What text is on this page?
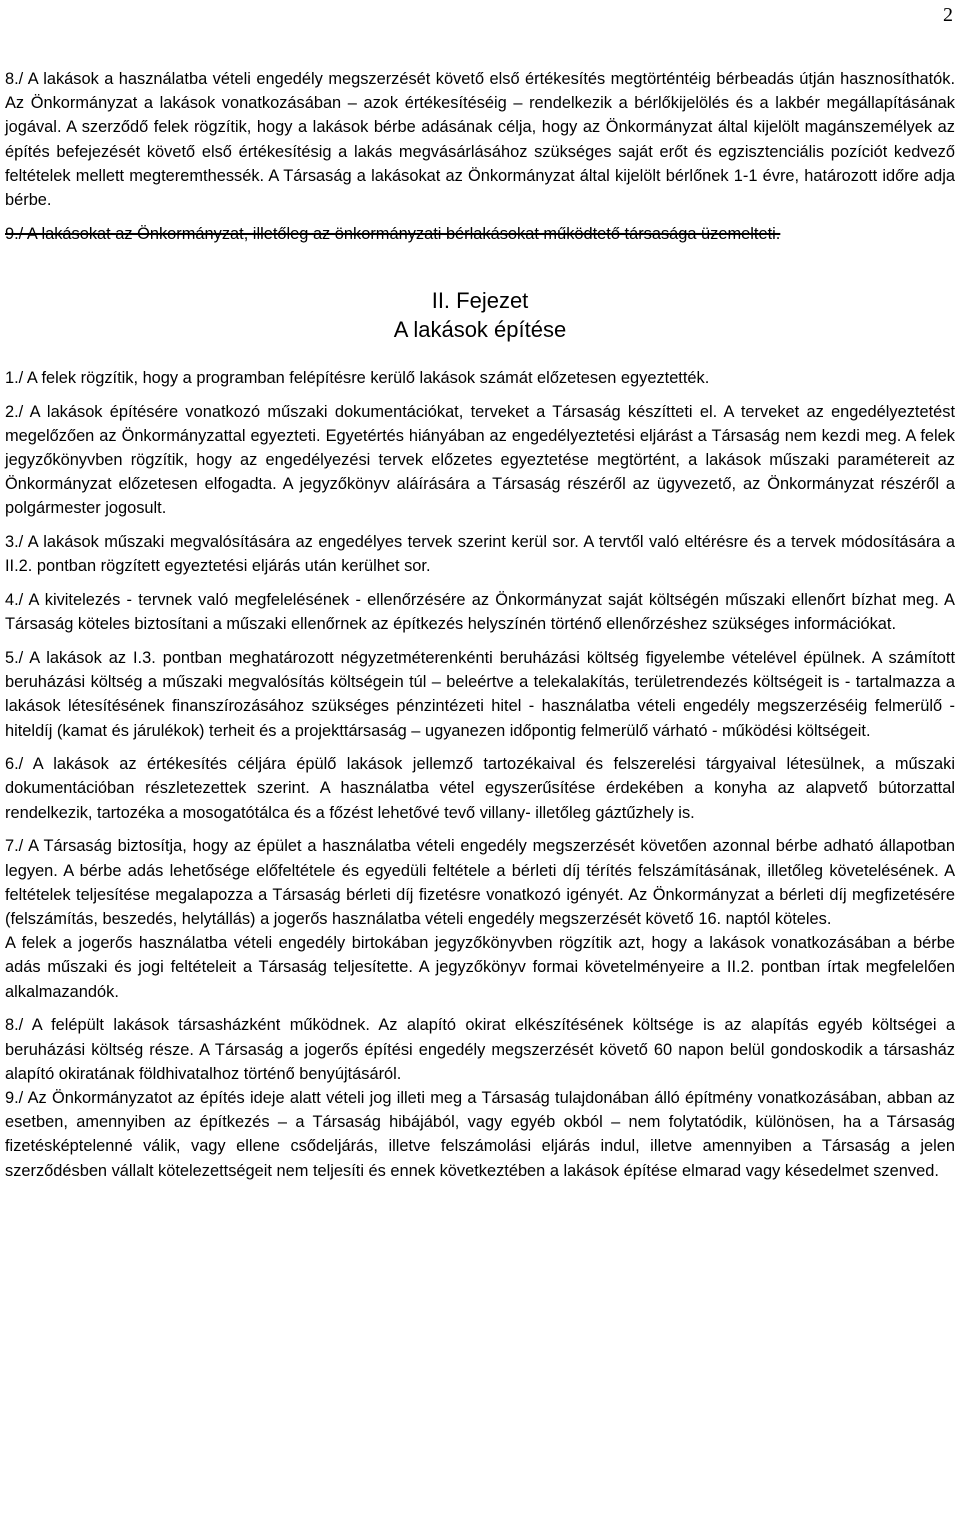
2

8./ A lakások a használatba vételi engedély megszerzését követő első értékesítés megtörténtéig bérbeadás útján hasznosíthatók. Az Önkormányzat a lakások vonatkozásában – azok értékesítéséig – rendelkezik a bérlőkijelölés és a lakbér megállapításának jogával. A szerződő felek rögzítik, hogy a lakások bérbe adásának célja, hogy az Önkormányzat által kijelölt magánszemélyek az építés befejezését követő első értékesítésig a lakás megvásárlásához szükséges saját erőt és egzisztenciális pozíciót kedvező feltételek mellett megteremthessék. A Társaság a lakásokat az Önkormányzat által kijelölt bérlőnek 1-1 évre, határozott időre adja bérbe.

9./ A lakásokat az Önkormányzat, illetőleg az önkormányzati bérlakásokat működtető társasága üzemelteti.

II. Fejezet
A lakások építése

1./ A felek rögzítik, hogy a programban felépítésre kerülő lakások számát előzetesen egyeztették.

2./ A lakások építésére vonatkozó műszaki dokumentációkat, terveket a Társaság készítteti el. A terveket az engedélyeztetést megelőzően az Önkormányzattal egyezteti. Egyetértés hiányában az engedélyeztetési eljárást a Társaság nem kezdi meg. A felek jegyzőkönyvben rögzítik, hogy az engedélyezési tervek előzetes egyeztetése megtörtént, a lakások műszaki paramétereit az Önkormányzat előzetesen elfogadta. A jegyzőkönyv aláírására a Társaság részéről az ügyvezető, az Önkormányzat részéről a polgármester jogosult.

3./ A lakások műszaki megvalósítására az engedélyes tervek szerint kerül sor. A tervtől való eltérésre és a tervek módosítására a II.2. pontban rögzített egyeztetési eljárás után kerülhet sor.

4./ A kivitelezés - tervnek való megfelelésének - ellenőrzésére az Önkormányzat saját költségén műszaki ellenőrt bízhat meg. A Társaság köteles biztosítani a műszaki ellenőrnek az építkezés helyszínén történő ellenőrzéshez szükséges információkat.

5./ A lakások az I.3. pontban meghatározott négyzetméterenkénti beruházási költség figyelembe vételével épülnek. A számított beruházási költség a műszaki megvalósítás költségein túl – beleértve a telekalakítás, területrendezés költségeit is - tartalmazza a lakások létesítésének finanszírozásához szükséges pénzintézeti hitel - használatba vételi engedély megszerzéséig felmerülő - hiteldíj (kamat és járulékok) terheit és a projekttársaság – ugyanezen időpontig felmerülő várható - működési költségeit.

6./ A lakások az értékesítés céljára épülő lakások jellemző tartozékaival és felszerelési tárgyaival létesülnek, a műszaki dokumentációban részletezettek szerint. A használatba vétel egyszerűsítése érdekében a konyha az alapvető bútorzattal rendelkezik, tartozéka a mosogatótálca és a főzést lehetővé tevő villany- illetőleg gáztűzhely is.

7./ A Társaság biztosítja, hogy az épület a használatba vételi engedély megszerzését követően azonnal bérbe adható állapotban legyen. A bérbe adás lehetősége előfeltétele és egyedüli feltétele a bérleti díj térítés felszámításának, illetőleg követelésének. A feltételek teljesítése megalapozza a Társaság bérleti díj fizetésre vonatkozó igényét. Az Önkormányzat a bérleti díj megfizetésére (felszámítás, beszedés, helytállás) a jogerős használatba vételi engedély megszerzését követő 16. naptól köteles.

A felek a jogerős használatba vételi engedély birtokában jegyzőkönyvben rögzítik azt, hogy a lakások vonatkozásában a bérbe adás műszaki és jogi feltételeit a Társaság teljesítette. A jegyzőkönyv formai követelményeire a II.2. pontban írtak megfelelően alkalmazandók.

8./ A felépült lakások társasházként működnek. Az alapító okirat elkészítésének költsége is az alapítás egyéb költségei a beruházási költség része. A Társaság a jogerős építési engedély megszerzését követő 60 napon belül gondoskodik a társasház alapító okiratának földhivatalhoz történő benyújtásáról.

9./ Az Önkormányzatot az építés ideje alatt vételi jog illeti meg a Társaság tulajdonában álló építmény vonatkozásában, abban az esetben, amennyiben az építkezés – a Társaság hibájából, vagy egyéb okból – nem folytatódik, különösen, ha a Társaság fizetésképtelenné válik, vagy ellene csődeljárás, illetve felszámolási eljárás indul, illetve amennyiben a Társaság a jelen szerződésben vállalt kötelezettségeit nem teljesíti és ennek következtében a lakások építése elmarad vagy késedelmet szenved.
